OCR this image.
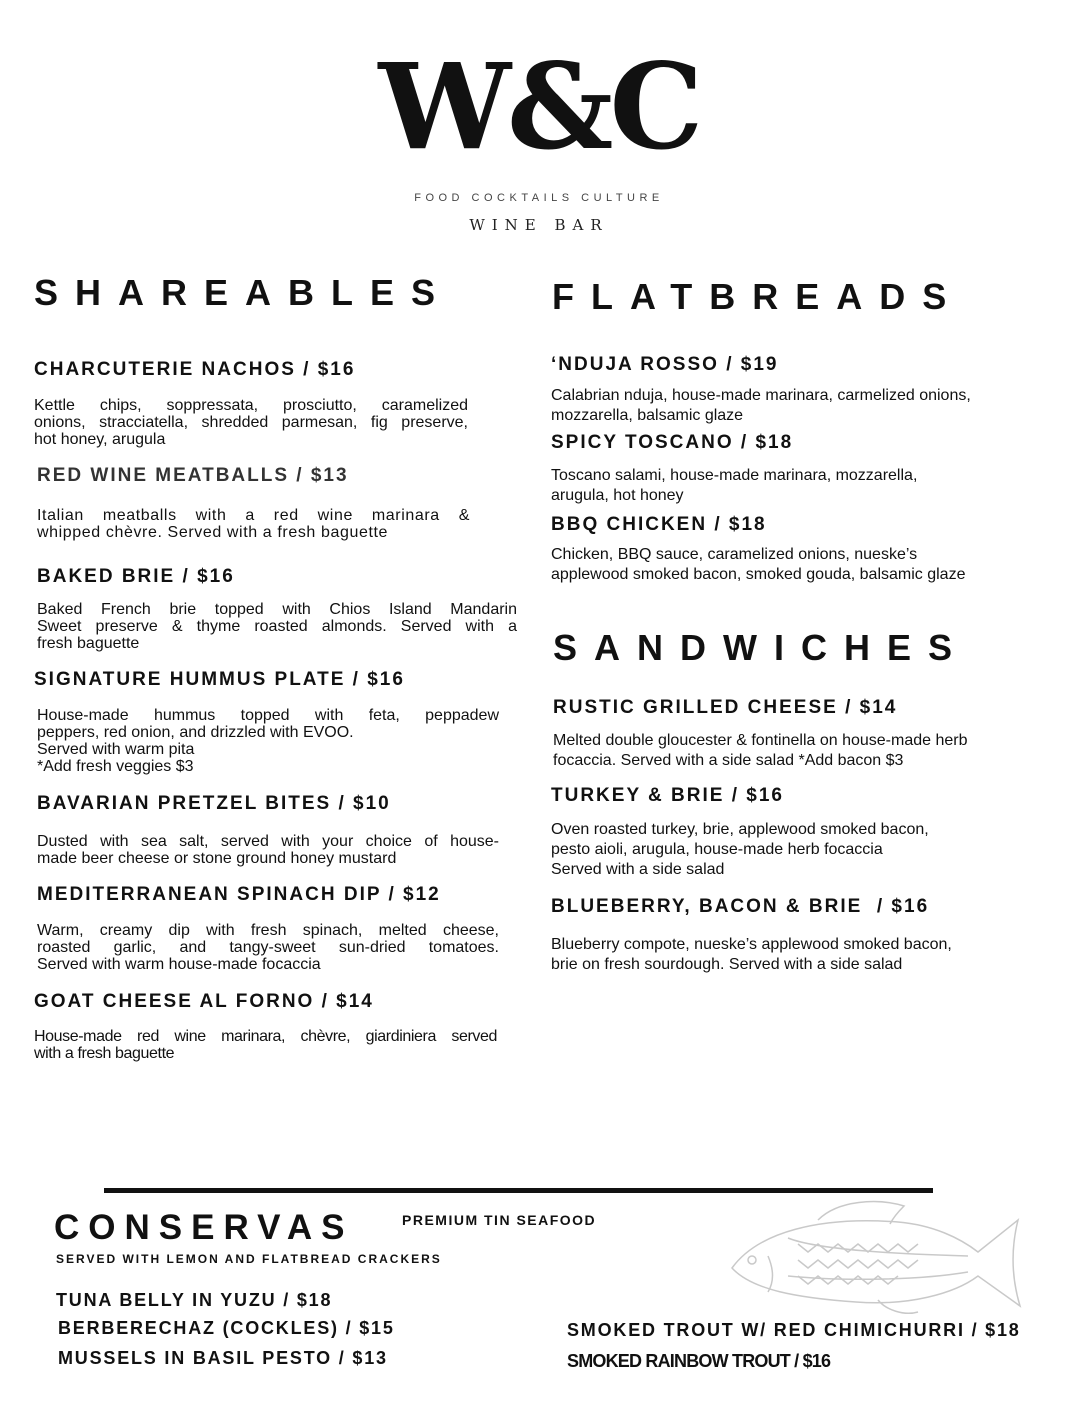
W&C
FOOD COCKTAILS CULTURE
WINE BAR
SHAREABLES
CHARCUTERIE NACHOS / $16
Kettle chips, soppressata, prosciutto, caramelized
onions, stracciatella, shredded parmesan, fig preserve,
hot honey, arugula
RED WINE MEATBALLS / $13
Italian meatballs with a red wine marinara &
whipped chèvre. Served with a fresh baguette
BAKED BRIE / $16
Baked French brie topped with Chios Island Mandarin
Sweet preserve & thyme roasted almonds. Served with a
fresh baguette
SIGNATURE HUMMUS PLATE / $16
House-made hummus topped with feta, peppadew
peppers, red onion, and drizzled with EVOO.
Served with warm pita
*Add fresh veggies $3
BAVARIAN PRETZEL BITES / $10
Dusted with sea salt, served with your choice of house-
made beer cheese or stone ground honey mustard
MEDITERRANEAN SPINACH DIP / $12
Warm, creamy dip with fresh spinach, melted cheese,
roasted garlic, and tangy-sweet sun-dried tomatoes.
Served with warm house-made focaccia
GOAT CHEESE AL FORNO / $14
House-made red wine marinara, chèvre, giardiniera served
with a fresh baguette
FLATBREADS
‘NDUJA ROSSO / $19
Calabrian nduja, house-made marinara, carmelized onions,
mozzarella, balsamic glaze
SPICY TOSCANO / $18
Toscano salami, house-made marinara, mozzarella,
arugula, hot honey
BBQ CHICKEN / $18
Chicken, BBQ sauce, caramelized onions, nueske’s
applewood smoked bacon, smoked gouda, balsamic glaze
SANDWICHES
RUSTIC GRILLED CHEESE / $14
Melted double gloucester & fontinella on house-made herb
focaccia. Served with a side salad *Add bacon $3
TURKEY & BRIE / $16
Oven roasted turkey, brie, applewood smoked bacon,
pesto aioli, arugula, house-made herb focaccia
Served with a side salad
BLUEBERRY, BACON & BRIE  / $16
Blueberry compote, nueske’s applewood smoked bacon,
brie on fresh sourdough. Served with a side salad
CONSERVAS	PREMIUM TIN SEAFOOD
SERVED WITH LEMON AND FLATBREAD CRACKERS
TUNA BELLY IN YUZU / $18
BERBERECHAZ (COCKLES) / $15
MUSSELS IN BASIL PESTO / $13
SMOKED TROUT W/ RED CHIMICHURRI / $18
SMOKED RAINBOW TROUT / $16
